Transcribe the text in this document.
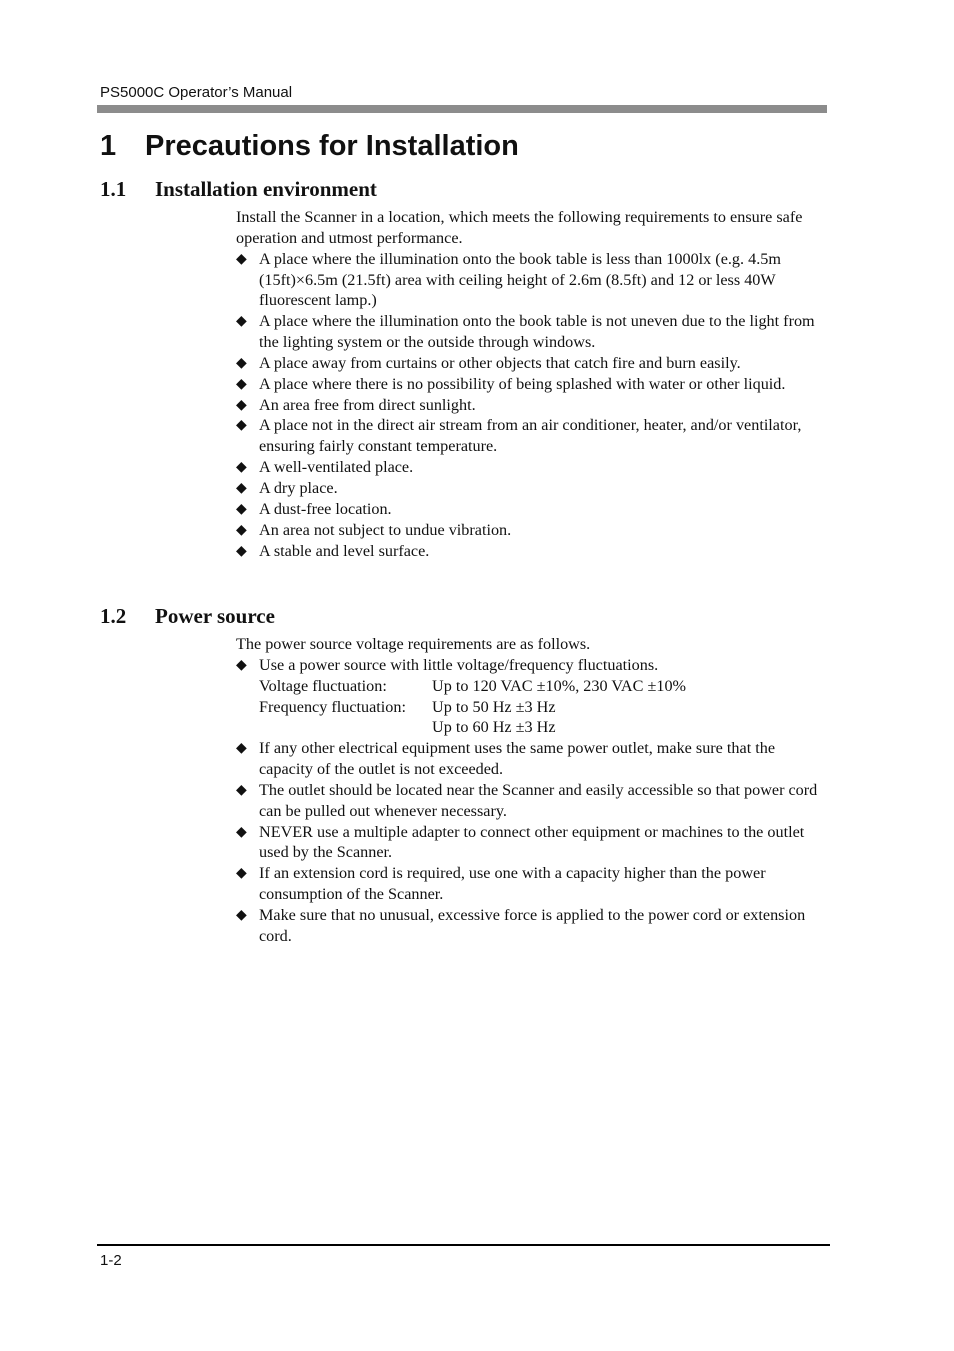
PS5000C Operator’s Manual
1 Precautions for Installation
1.1 Installation environment

Install the Scanner in a location, which meets the following requirements to ensure safe operation and utmost performance.

◆ A place where the illumination onto the book table is less than 1000lx (e.g. 4.5m (15ft)×6.5m (21.5ft) area with ceiling height of 2.6m (8.5ft) and 12 or less 40W fluorescent lamp.)
◆ A place where the illumination onto the book table is not uneven due to the light from the lighting system or the outside through windows.
◆ A place away from curtains or other objects that catch fire and burn easily.
◆ A place where there is no possibility of being splashed with water or other liquid.
◆ An area free from direct sunlight.
◆ A place not in the direct air stream from an air conditioner, heater, and/or ventilator, ensuring fairly constant temperature.
◆ A well-ventilated place.
◆ A dry place.
◆ A dust-free location.
◆ An area not subject to undue vibration.
◆ A stable and level surface.
1.2 Power source

The power source voltage requirements are as follows.

◆ Use a power source with little voltage/frequency fluctuations.
Voltage fluctuation:	Up to 120 VAC ±10%, 230 VAC ±10%
Frequency fluctuation:	Up to 50 Hz ±3 Hz
Up to 60 Hz ±3 Hz
◆ If any other electrical equipment uses the same power outlet, make sure that the capacity of the outlet is not exceeded.
◆ The outlet should be located near the Scanner and easily accessible so that power cord can be pulled out whenever necessary.
◆ NEVER use a multiple adapter to connect other equipment or machines to the outlet used by the Scanner.
◆ If an extension cord is required, use one with a capacity higher than the power consumption of the Scanner.
◆ Make sure that no unusual, excessive force is applied to the power cord or extension cord.
1-2
